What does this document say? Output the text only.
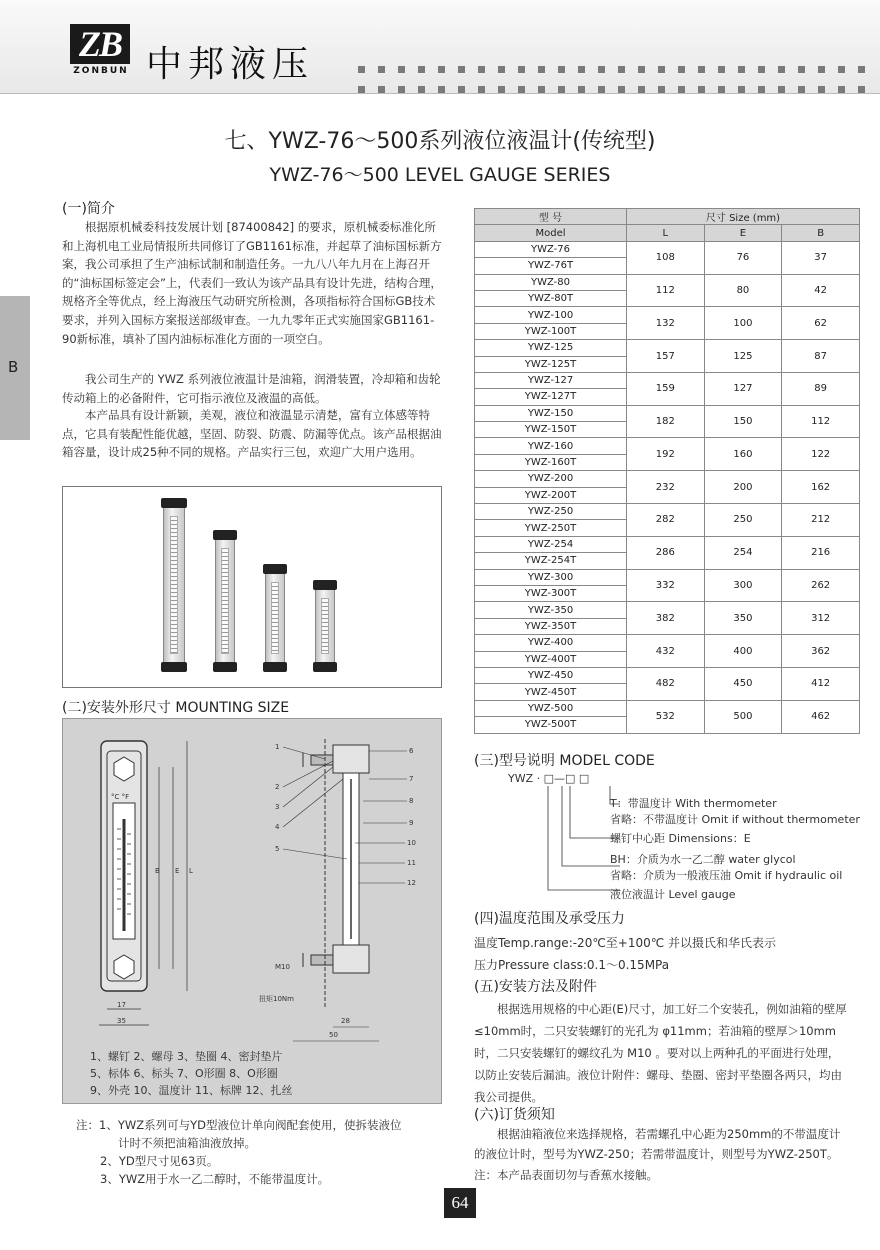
ZB
ZONBUN 中邦液压
B
七、YWZ-76～500系列液位液温计(传统型)
YWZ-76～500 LEVEL GAUGE SERIES
(一)简介
根据原机械委科技发展计划 [87400842] 的要求，原机械委标准化所和上海机电工业局情报所共同修订了GB1161标准，并起草了油标国标新方案，我公司承担了生产油标试制和制造任务。一九八八年九月在上海召开的“油标国标签定会”上，代表们一致认为该产品具有设计先进，结构合理，规格齐全等优点，经上海液压气动研究所检测，各项指标符合国标GB技术要求，并列入国标方案报送部级审查。一九九零年正式实施国家GB1161-90新标准，填补了国内油标标准化方面的一项空白。
我公司生产的 YWZ 系列液位液温计是油箱，润滑装置，冷却箱和齿轮传动箱上的必备附件，它可指示液位及液温的高低。
本产品具有设计新颖，美观，液位和液温显示清楚，富有立体感等特点，它具有装配性能优越，坚固、防裂、防震、防漏等优点。该产品根据油箱容量，设计成25种不同的规格。产品实行三包，欢迎广大用户选用。
(二)安装外形尺寸 MOUNTING SIZE
°C °F
B E L
17
35
1
2
3
4
5
6
7
8
9
10
11
12
M10
扭矩10Nm
28
50
1、螺钉 2、螺母 3、垫圈 4、密封垫片
5、标体 6、标头 7、O形圈 8、O形圈
9、外壳 10、温度计 11、标牌 12、扎丝
注：1、YWZ系列可与YD型液位计单向阀配套使用，使拆装液位
计时不须把油箱油液放掉。
2、YD型尺寸见63页。
3、YWZ用于水一乙二醇时，不能带温度计。
型 号	尺寸 Size (mm)		
Model	L	E	B
YWZ-76	108	76	37
YWZ-76T			
YWZ-80	112	80	42
YWZ-80T			
YWZ-100	132	100	62
YWZ-100T			
YWZ-125	157	125	87
YWZ-125T			
YWZ-127	159	127	89
YWZ-127T			
YWZ-150	182	150	112
YWZ-150T			
YWZ-160	192	160	122
YWZ-160T			
YWZ-200	232	200	162
YWZ-200T			
YWZ-250	282	250	212
YWZ-250T			
YWZ-254	286	254	216
YWZ-254T			
YWZ-300	332	300	262
YWZ-300T			
YWZ-350	382	350	312
YWZ-350T			
YWZ-400	432	400	362
YWZ-400T			
YWZ-450	482	450	412
YWZ-450T			
YWZ-500	532	500	462
YWZ-500T			
(三)型号说明 MODEL CODE
YWZ · □—□ □
T：带温度计 With thermometer
省略：不带温度计 Omit if without thermometer
螺钉中心距 Dimensions：E
BH：介质为水一乙二醇 water glycol
省略：介质为一般液压油 Omit if hydraulic oil
液位液温计 Level gauge
(四)温度范围及承受压力
温度Temp.range:-20℃至+100℃ 并以摄氏和华氏表示
压力Pressure class:0.1～0.15MPa
(五)安装方法及附件
根据选用规格的中心距(E)尺寸，加工好二个安装孔，例如油箱的壁厚≤10mm时，二只安装螺钉的光孔为 φ11mm；若油箱的壁厚＞10mm时，二只安装螺钉的螺纹孔为 M10 。要对以上两种孔的平面进行处理，以防止安装后漏油。液位计附件：螺母、垫圈、密封平垫圈各两只，均由我公司提供。
(六)订货须知
根据油箱液位来选择规格，若需螺孔中心距为250mm的不带温度计的液位计时，型号为YWZ-250；若需带温度计，则型号为YWZ-250T。
注：本产品表面切勿与香蕉水接触。
64
